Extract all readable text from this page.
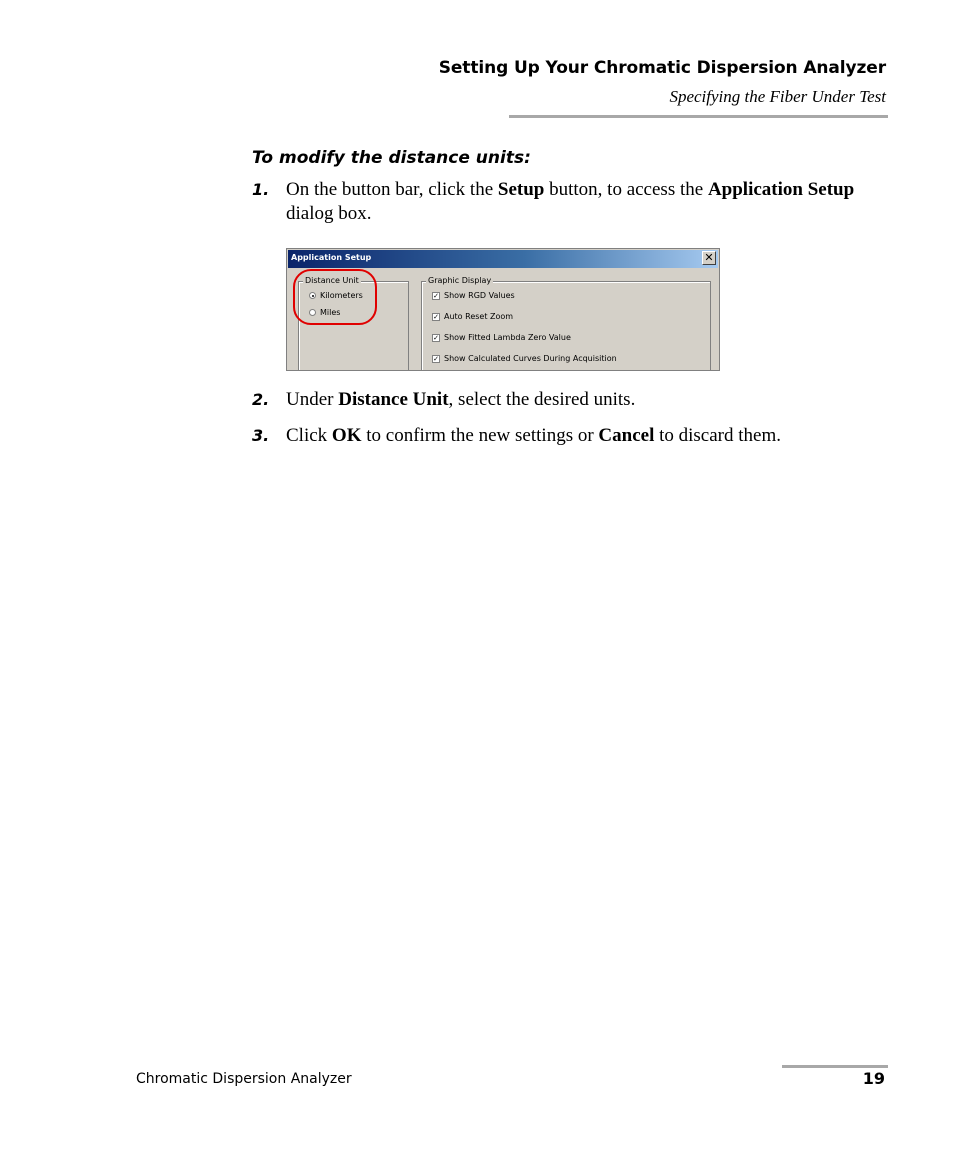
Setting Up Your Chromatic Dispersion Analyzer
Specifying the Fiber Under Test
To modify the distance units:
1. On the button bar, click the Setup button, to access the Application Setup dialog box.
Application Setup	✕
Distance Unit
Kilometers
Miles
Graphic Display
✓ Show RGD Values
✓ Auto Reset Zoom
✓ Show Fitted Lambda Zero Value
✓ Show Calculated Curves During Acquisition
2. Under Distance Unit, select the desired units.
3. Click OK to confirm the new settings or Cancel to discard them.
Chromatic Dispersion Analyzer	19
